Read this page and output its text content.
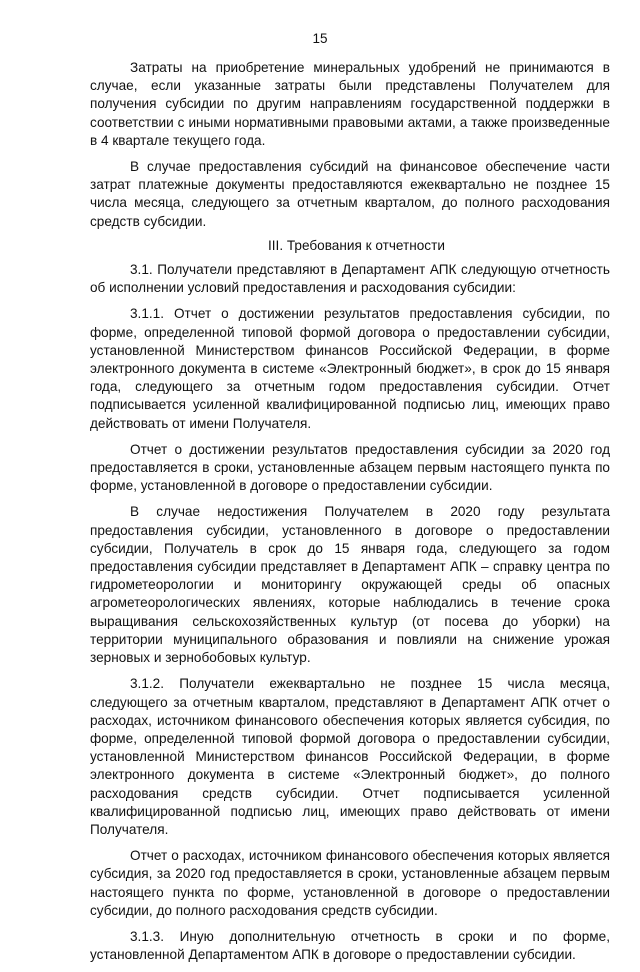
15

Затраты на приобретение минеральных удобрений не принимаются в случае, если указанные затраты были представлены Получателем для получения субсидии по другим направлениям государственной поддержки в соответствии с иными нормативными правовыми актами, а также произведенные в 4 квартале текущего года.

В случае предоставления субсидий на финансовое обеспечение части затрат платежные документы предоставляются ежеквартально не позднее 15 числа месяца, следующего за отчетным кварталом, до полного расходования средств субсидии.

III. Требования к отчетности

3.1. Получатели представляют в Департамент АПК следующую отчетность об исполнении условий предоставления и расходования субсидии:

3.1.1. Отчет о достижении результатов предоставления субсидии, по форме, определенной типовой формой договора о предоставлении субсидии, установленной Министерством финансов Российской Федерации, в форме электронного документа в системе «Электронный бюджет», в срок до 15 января года, следующего за отчетным годом предоставления субсидии. Отчет подписывается усиленной квалифицированной подписью лиц, имеющих право действовать от имени Получателя.

Отчет о достижении результатов предоставления субсидии за 2020 год предоставляется в сроки, установленные абзацем первым настоящего пункта по форме, установленной в договоре о предоставлении субсидии.

В случае недостижения Получателем в 2020 году результата предоставления субсидии, установленного в договоре о предоставлении субсидии, Получатель в срок до 15 января года, следующего за годом предоставления субсидии представляет в Департамент АПК – справку центра по гидрометеорологии и мониторингу окружающей среды об опасных агрометеорологических явлениях, которые наблюдались в течение срока выращивания сельскохозяйственных культур (от посева до уборки) на территории муниципального образования и повлияли на снижение урожая зерновых и зернобобовых культур.

3.1.2. Получатели ежеквартально не позднее 15 числа месяца, следующего за отчетным кварталом, представляют в Департамент АПК отчет о расходах, источником финансового обеспечения которых является субсидия, по форме, определенной типовой формой договора о предоставлении субсидии, установленной Министерством финансов Российской Федерации, в форме электронного документа в системе «Электронный бюджет», до полного расходования средств субсидии. Отчет подписывается усиленной квалифицированной подписью лиц, имеющих право действовать от имени Получателя.

Отчет о расходах, источником финансового обеспечения которых является субсидия, за 2020 год предоставляется в сроки, установленные абзацем первым настоящего пункта по форме, установленной в договоре о предоставлении субсидии, до полного расходования средств субсидии.

3.1.3. Иную дополнительную отчетность в сроки и по форме, установленной Департаментом АПК в договоре о предоставлении субсидии.
